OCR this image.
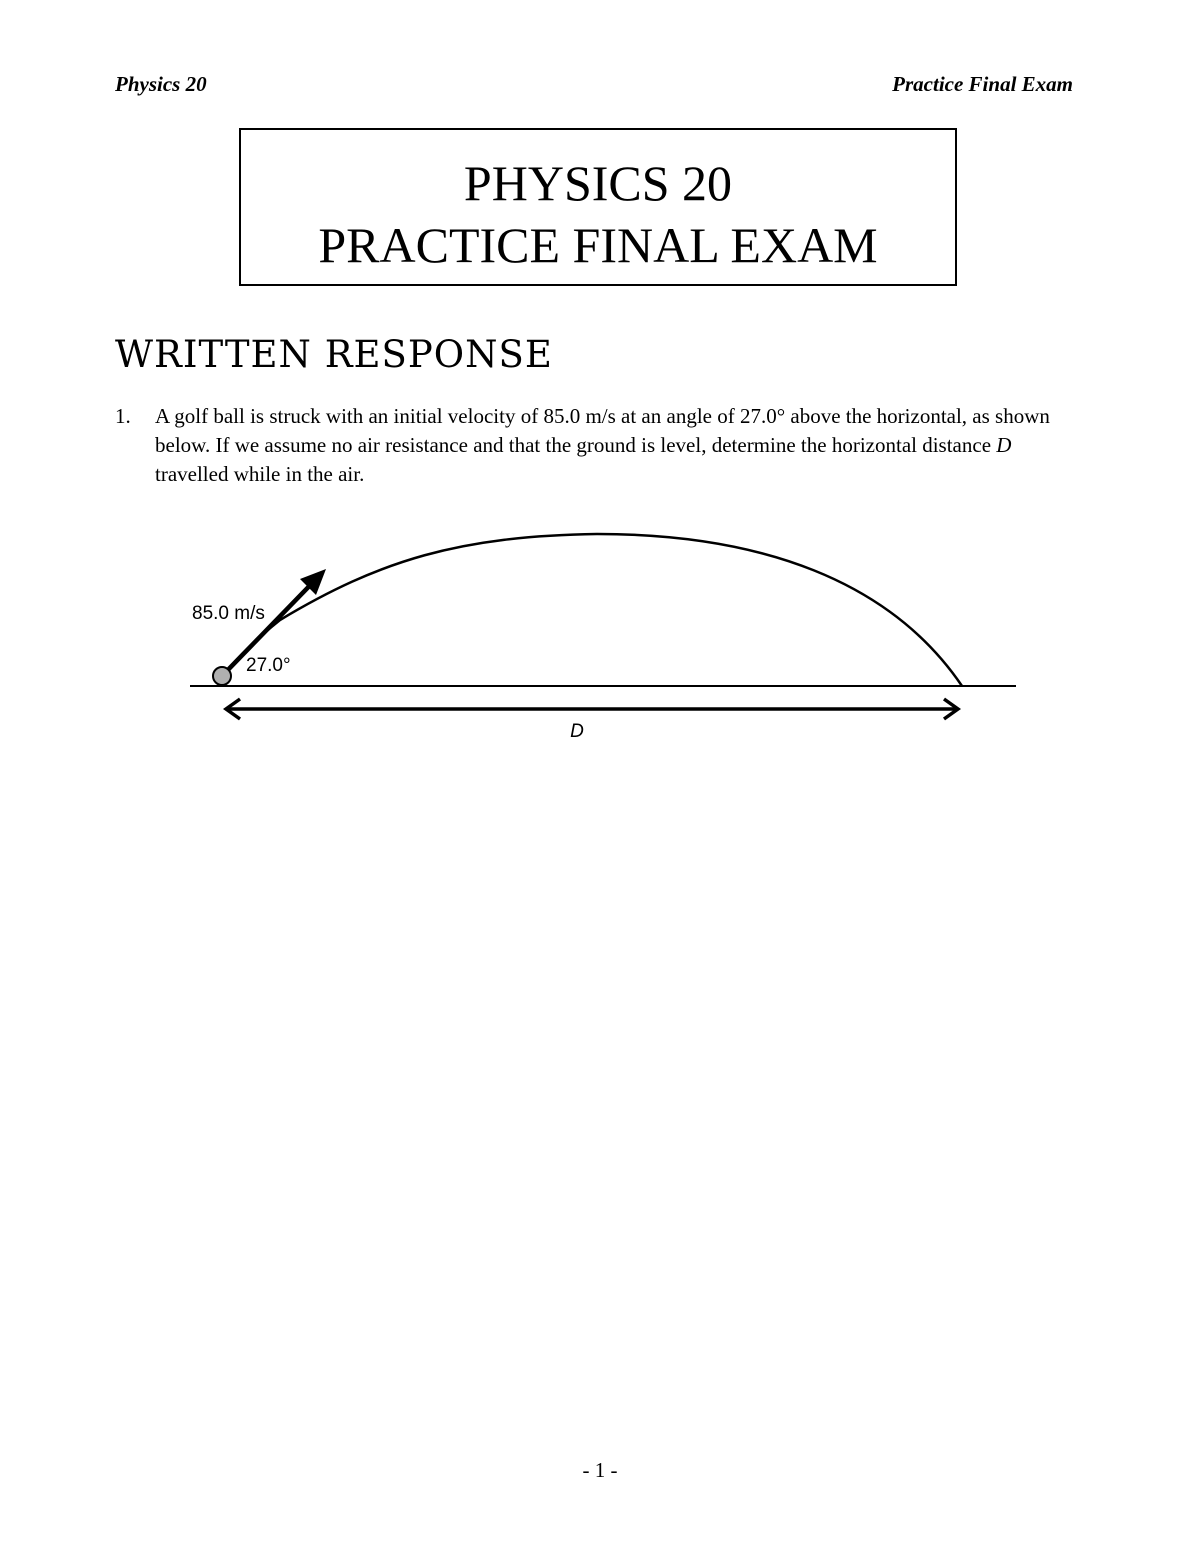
Physics 20	Practice Final Exam
PHYSICS 20
PRACTICE FINAL EXAM
WRITTEN RESPONSE
1. A golf ball is struck with an initial velocity of 85.0 m/s at an angle of 27.0° above the horizontal, as shown below. If we assume no air resistance and that the ground is level, determine the horizontal distance D travelled while in the air.
85.0 m/s
27.0°
D
- 1 -
